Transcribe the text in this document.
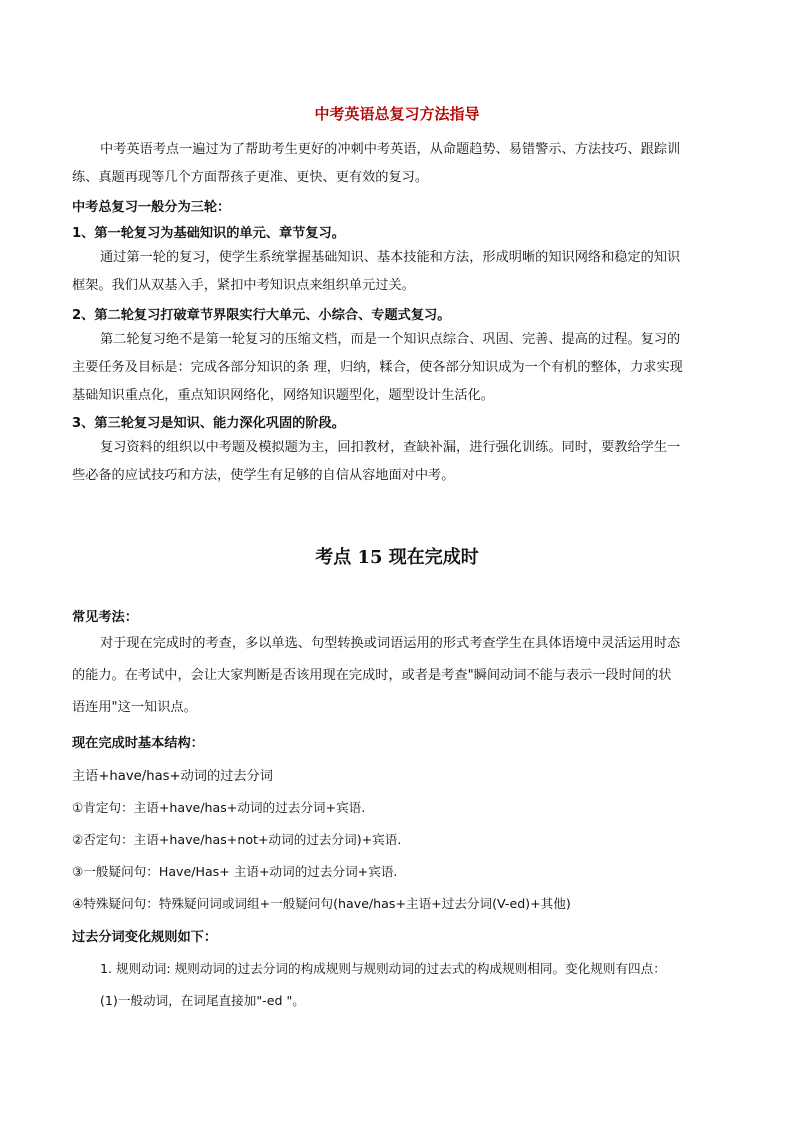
中考英语总复习方法指导
中考英语考点一遍过为了帮助考生更好的冲刺中考英语，从命题趋势、易错警示、方法技巧、跟踪训
练、真题再现等几个方面帮孩子更准、更快、更有效的复习。
中考总复习一般分为三轮：
1、第一轮复习为基础知识的单元、章节复习。
通过第一轮的复习，使学生系统掌握基础知识、基本技能和方法，形成明晰的知识网络和稳定的知识
框架。我们从双基入手，紧扣中考知识点来组织单元过关。
2、第二轮复习打破章节界限实行大单元、小综合、专题式复习。
第二轮复习绝不是第一轮复习的压缩文档，而是一个知识点综合、巩固、完善、提高的过程。复习的
主要任务及目标是：完成各部分知识的条 理，归纳，糅合，使各部分知识成为一个有机的整体，力求实现
基础知识重点化，重点知识网络化，网络知识题型化，题型设计生活化。
3、第三轮复习是知识、能力深化巩固的阶段。
复习资料的组织以中考题及模拟题为主，回扣教材，查缺补漏，进行强化训练。同时，要教给学生一
些必备的应试技巧和方法，使学生有足够的自信从容地面对中考。
考点 15 现在完成时
常见考法：
对于现在完成时的考查，多以单选、句型转换或词语运用的形式考查学生在具体语境中灵活运用时态
的能力。在考试中，会让大家判断是否该用现在完成时，或者是考查"瞬间动词不能与表示一段时间的状
语连用"这一知识点。
现在完成时基本结构：
主语+have/has+动词的过去分词
①肯定句：主语+have/has+动词的过去分词+宾语.
②否定句：主语+have/has+not+动词的过去分词)+宾语.
③一般疑问句：Have/Has+ 主语+动词的过去分词+宾语.
④特殊疑问句：特殊疑问词或词组+一般疑问句(have/has+主语+过去分词(V-ed)+其他)
过去分词变化规则如下：
1. 规则动词: 规则动词的过去分词的构成规则与规则动词的过去式的构成规则相同。变化规则有四点：
(1)一般动词，在词尾直接加"-ed "。
